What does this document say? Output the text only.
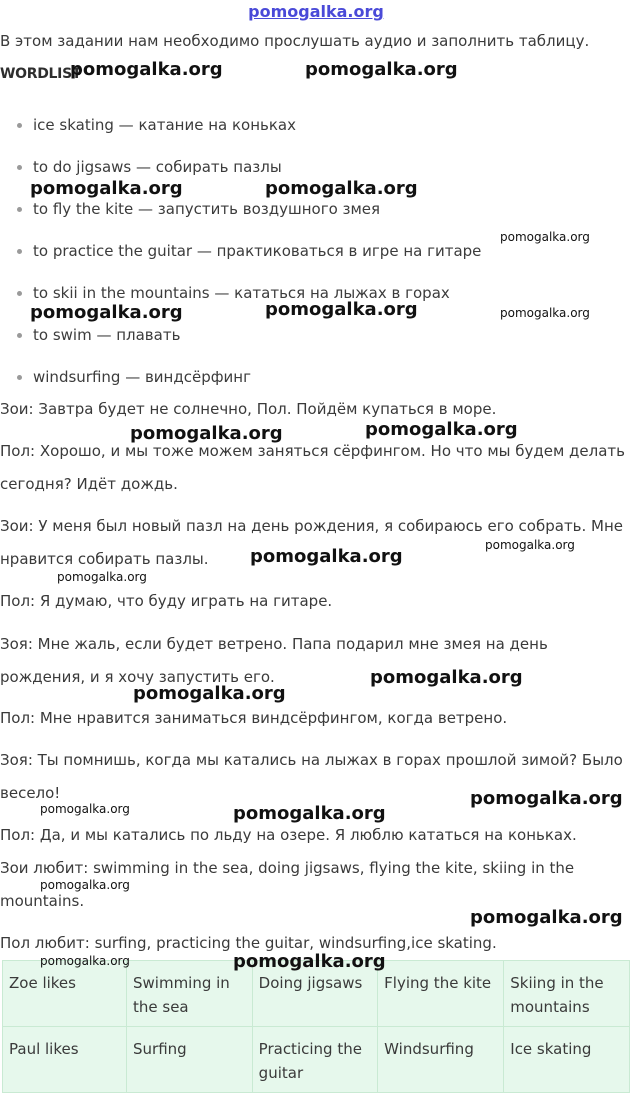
pomogalka.org
В этом задании нам необходимо прослушать аудио и заполнить таблицу.
WORDLIST
ice skating — катание на коньках
to do jigsaws — собирать пазлы
to fly the kite — запустить воздушного змея
to practice the guitar — практиковаться в игре на гитаре
to skii in the mountains — кататься на лыжах в горах
to swim — плавать
windsurfing — виндсёрфинг
Зои: Завтра будет не солнечно, Пол. Пойдём купаться в море.
Пол: Хорошо, и мы тоже можем заняться сёрфингом. Но что мы будем делать сегодня? Идёт дождь.
Зои: У меня был новый пазл на день рождения, я собираюсь его собрать. Мне нравится собирать пазлы.
Пол: Я думаю, что буду играть на гитаре.
Зоя: Мне жаль, если будет ветрено. Папа подарил мне змея на день рождения, и я хочу запустить его.
Пол: Мне нравится заниматься виндсёрфингом, когда ветрено.
Зоя: Ты помнишь, когда мы катались на лыжах в горах прошлой зимой? Было весело!
Пол: Да, и мы катались по льду на озере. Я люблю кататься на коньках.
Зои любит: swimming in the sea, doing jigsaws, flying the kite, skiing in the mountains.
Пол любит: surfing, practicing the guitar, windsurfing,ice skating.
Zoe likes	Swimming in the sea	Doing jigsaws	Flying the kite	Skiing in the mountains
Paul likes	Surfing	Practicing the guitar	Windsurfing	Ice skating
pomogalka.org	pomogalka.org
pomogalka.org	pomogalka.org
pomogalka.org
pomogalka.org	pomogalka.org	pomogalka.org
pomogalka.org	pomogalka.org
pomogalka.org
pomogalka.org
pomogalka.org
pomogalka.org
pomogalka.org
pomogalka.org
pomogalka.org	pomogalka.org
pomogalka.org
pomogalka.org
pomogalka.org	pomogalka.org
